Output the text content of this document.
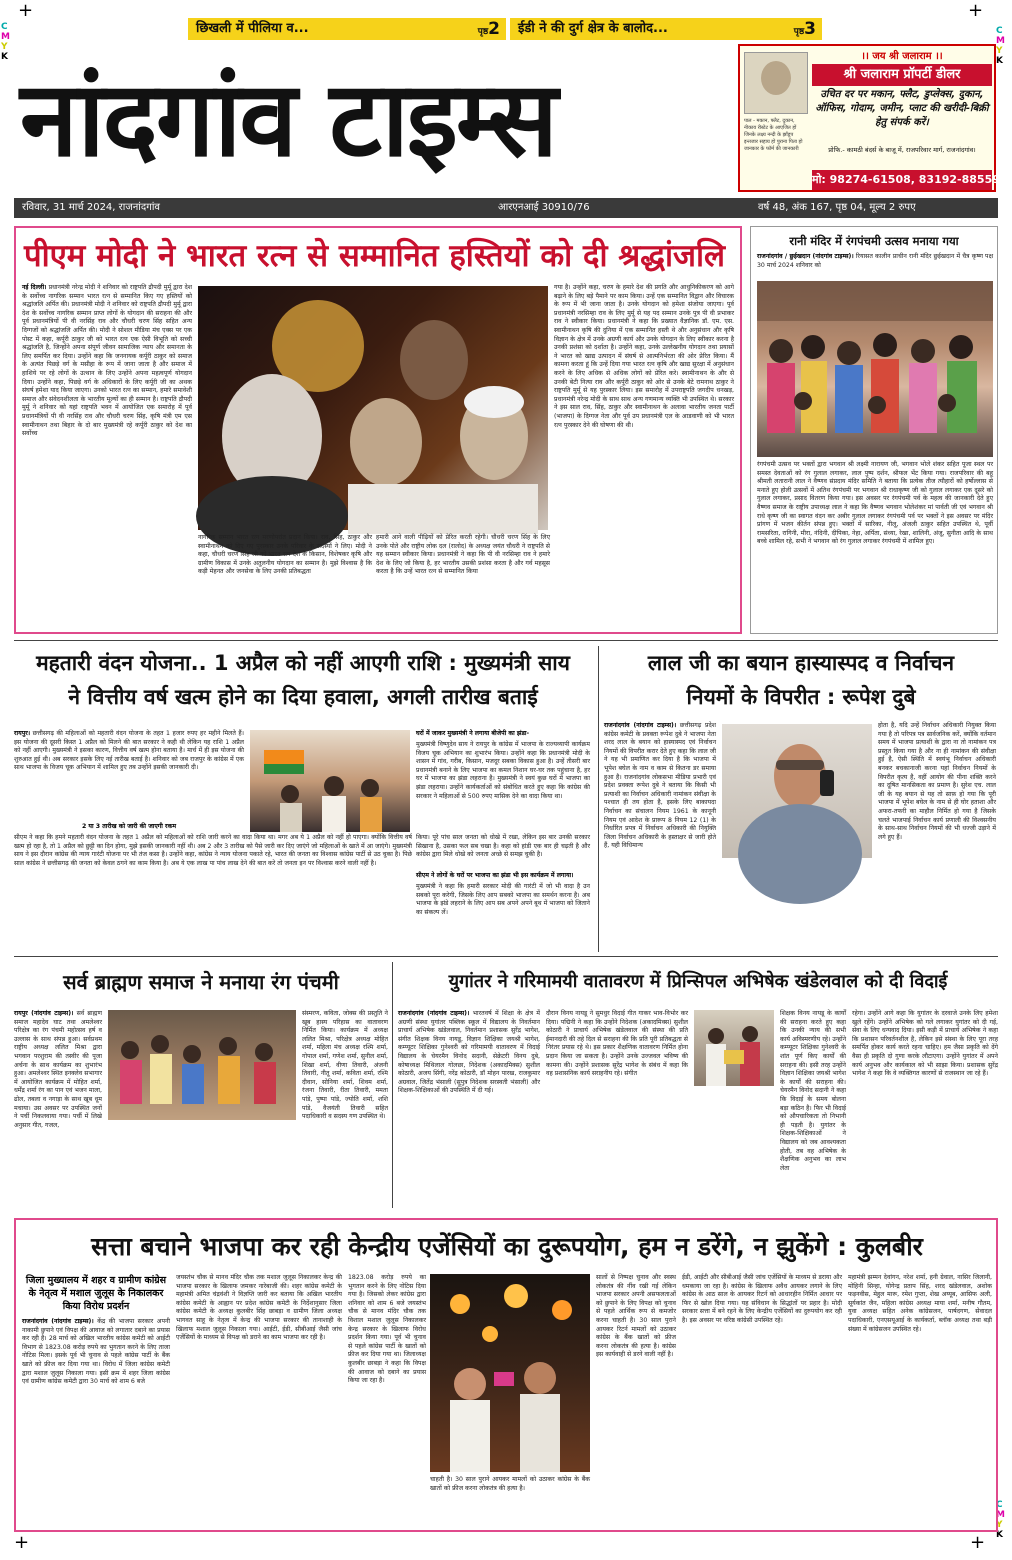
+	+
+	+
C
M
Y
K
C
M
Y
K
C
M
Y
K
छिखली में पीलिया व...	पृष्ठ2	ईडी ने की दुर्ग क्षेत्र के बालोद...	पृष्ठ3
नांदगांव टाइम्स	पाल - मकान, फ्लैट, दुकान, नीकाय रीस्टेट के आएजित हों जिनके लक्ष्य नन्दी के झाँडूप इन्तजार सहाय हो पुराना पिता हो जानकार के फॉर्म की जानकारी
।। जय श्री जलाराम ।।
श्री जलाराम प्रॉपर्टी डीलर
उचित दर पर मकान, फ्लैट, डुप्लेक्स, दुकान, ऑफिस, गोदाम, जमीन, प्लाट की खरीदी-बिक्री हेतु संपर्क करें।
प्रोफि.- कामठी बंदर्स के बाजू में, राजपरिवार मार्ग, राजनांदगांव।
मो: 98274-61508, 83192-88559
रविवार, 31 मार्च 2024, राजनांदगांव	आरएनआई 30910/76	वर्ष 48, अंक 167, पृष्ठ 04, मूल्य 2 रुपए
पीएम मोदी ने भारत रत्न से सम्मानित हस्तियों को दी श्रद्धांजलि
नई दिल्ली। प्रधानमंत्री नरेन्द्र मोदी ने शनिवार को राष्ट्रपति द्रौपदी मुर्मू द्वारा देश के सर्वोच्च नागरिक सम्मान भारत रत्न से सम्मानित किए गए हस्तियों को श्रद्धांजलि अर्पित की। प्रधानमंत्री मोदी ने शनिवार को राष्ट्रपति द्रौपदी मुर्मू द्वारा देश के सर्वोच्च नागरिक सम्मान प्राप्त लोगों के योगदान की सराहना की और पूर्व प्रधानमंत्रियों पी वी नरसिंह राव और चौधरी चरण सिंह सहित अन्य दिग्गजों को श्रद्धांजलि अर्पित की। मोदी ने सोशल मीडिया मंच एक्स पर एक पोस्ट में कहा, कर्पूरी ठाकुर जी को भारत रत्न एक ऐसी विभूति को सच्ची श्रद्धांजलि है, जिन्होंने अपना संपूर्ण जीवन सामाजिक न्याय और समानता के लिए समर्पित कर दिया। उन्होंने कहा कि जननायक कर्पूरी ठाकुर को समाज के अत्यंत पिछड़े वर्ग के मसीहा के रूप में जाना जाता है और समाज में हाशिये पर रहे लोगों के उत्थान के लिए उन्होंने अपना महत्वपूर्ण योगदान दिया। उन्होंने कहा, पिछड़े वर्ग के अधिकारों के लिए कर्पूरी जी का अथक संघर्ष हमेशा याद किया जाएगा। उनको भारत रत्न का सम्मान, हमारे समावेशी समाज और संवेदनशीलता के भारतीय मूल्यों का ही सम्मान है। राष्ट्रपति द्रौपदी मुर्मू ने शनिवार को यहां राष्ट्रपति भवन में आयोजित एक समारोह में पूर्व प्रधानमंत्रियों पी वी नरसिंह राव और चौधरी चरण सिंह, कृषि मंत्री एम एस स्वामीनाथन तथा बिहार के दो बार मुख्यमंत्री रहे कर्पूरी ठाकुर को देश का सर्वोच्च
गया है। उन्होंने कहा, चरण के हमारे देश की प्रगति और आधुनिकीकरण को आगे बढ़ाने के लिए बड़े पैमाने पर काम किया। उन्हें एक सम्मानित विद्वान और विचारक के रूप में भी जाना जाता है। उनके योगदान को हमेशा संजोया जाएगा। पूर्व प्रधानमंत्री नरसिम्हा राव के लिए मुर्मू से यह पद सम्मान उनके पुत्र पी वी प्रभाकर राव ने स्वीकार किया। प्रधानमंत्री ने कहा कि प्रख्यात वैज्ञानिक डॉ. एम. एस. स्वामीनाथन कृषि की दुनिया में एक सम्मानित हस्ती थे और अनुसंधान और कृषि विज्ञान के क्षेत्र में उनके अग्रणी कार्य और उनके योगदान के लिए स्वीकार करना है उनकी प्रशंसा को दर्शाता है। उन्होंने कहा, उनके उल्लेखनीय योगदान तथा प्रयासों ने भारत को खाद्य उत्पादन में संघर्ष से आत्मनिर्भरता की ओर प्रेरित किया। मैं कामना करता हूं कि उन्हें दिया गया भारत रत्न कृषि और खाद्य सुरक्षा में अनुसंधान करने के लिए अधिक से अधिक लोगों को प्रेरित करे। स्वामीनाथन के और से उनकी बेटी नित्या राव और कर्पूरी ठाकुर को ओर से उनके बेटे रामनाथ ठाकुर ने राष्ट्रपति मुर्मू से यह पुरस्कार लिया। इस समारोह में उपराष्ट्रपति जगदीप धनखड़, प्रधानमंत्री नरेन्द्र मोदी के साथ साथ अन्य गणमान्य व्यक्ति भी उपस्थित थे। सरकार ने इस साल राव, सिंह, ठाकुर और स्वामीनाथन के अलावा भारतीय जनता पार्टी (भाजपा) के दिग्गज नेता और पूर्व उप प्रधानमंत्री एल के आडवाणी को भी भारत रत्न पुरस्कार देने की घोषणा की थी।
नागरिक सम्मान भारत रत्न मरणोपरांत प्रदान किया। राव, सिंह, ठाकुर और स्वामीनाथन को दिए गए पुरस्कार उनके परिवार के सदस्यों ने लिए। मोदी ने कहा, चौधरी चरण सिंह जी को भारत रत्न देश के किसान, विशेषकर कृषि और ग्रामीण विकास में उनके अतुलनीय योगदान का सम्मान है। मुझे विश्वास है कि कड़ी मेहनत और जनसेवा के लिए उनकी प्रतिबद्धता
हमारी आने वाली पीढ़ियों को प्रेरित करती रहेगी। चौधरी चरण सिंह के लिए उनके पोते और राष्ट्रीय लोक दल (रालोद) के अध्यक्ष जयंत चौधरी ने राष्ट्रपति से यह सम्मान स्वीकार किया। प्रधानमंत्री ने कहा कि पी वी नरसिम्हा राव ने हमारे देश के लिए जो किया है, हर भारतीय उसकी प्रशंसा करता है और गर्व महसूस करता है कि उन्हें भारत रत्न से सम्मानित किया
रानी मंदिर में रंगपंचमी उत्सव मनाया गया
राजनांदगांव / छुईखदान (नांदगांव टाइम्स)। रियासत कालीन प्राचीन रानी मंदिर छुईखदान में चैत्र कृष्ण पक्ष 30 मार्च 2024 शनिवार को
रंगपंचमी उत्सव पर भक्तों द्वारा भगवान श्री लक्ष्मी नारायण जी, भगवान भोले शंकर सहित पूजा स्थल पर समस्त देवताओं को रंग गुलाल लगाकर, लाल पुष्प दर्शन, श्रीफल भेंट किया गया। राजपरिवार की बहू श्रीमती लतारानी लाल ने वैष्णव संप्रदाय मंदिर समिति ने बताया कि प्रत्येक तीज त्यौहारों को हर्षोल्लास से मनाते हुए होली उत्सवों में अतिथ रंगपंचमी पर भगवान श्री राधाकृष्ण जी को गुलाल लगाकर एक दूसरे को गुलाल लगाकर, प्रसाद वितरण किया गया। इस अवसर पर रंगपंचमी पर्व के महत्व की जानकारी देते हुए वैष्णव समाज के राष्ट्रीय उपाध्यक्ष लाल ने कहा कि वैष्णव भगवान भोलेशंकर मां पार्वती जी एवं भगवान श्री राधे कृष्ण जी का स्वागत वंदन कर अबीर गुलाल लगाकर रंगपंचमी पर्व पर भक्तों ने इस अवसर पर मंदिर प्रांगण में भजन कीर्तन संपन्न हुए। भक्तों में सारिका, नीलू, अंजली ठाकुर सहित उपस्थित थे, पूर्वी रामसरिता, रागिनी, मीरा, नंदिनी, दीपिका, नेहा, अर्पिता, संध्या, रेखा, शालिनी, अंजू, सुनीता आदि के साथ बच्चे शामिल रहे, सभी ने भगवान को रंग गुलाल लगाकर रंगपंचमी में शामिल हुए।
महतारी वंदन योजना.. 1 अप्रैल को नहीं आएगी राशि : मुख्यमंत्री साय
ने वित्तीय वर्ष खत्म होने का दिया हवाला, अगली तारीख बताई
रायपुर। छत्तीसगढ़ की महिलाओं को महतारी वंदन योजना के तहत 1 हजार रुपए हर महीने मिलते हैं। इस योजना की दूसरी किस्त 1 अप्रैल को मिलने की बात सरकार ने कही थी लेकिन यह राशि 1 अप्रैल को नहीं आएगी। मुख्यमंत्री ने इसका कारण, वित्तीय वर्ष खत्म होना बताया है। मार्च में ही इस योजना की शुरुआत हुई थी। अब सरकार इसके लिए नई तारीख बताई है। शनिवार को जब राजपुर के कांग्रेस में एक साथ भाजपा के विजय चूक अभियान में शामिल हुए तब उन्होंने इसकी जानकारी दी।
2 या 3 तारीख को जारी की जाएगी रकम
सीएम ने कहा कि हमने महतारी वंदन योजना के तहत 1 अप्रैल को महिलाओं को राशि जारी करने का वादा किया था। मगर अब ये 1 अप्रैल को नहीं हो पाएगा। क्योंकि वित्तीय वर्ष खत्म हो रहा है, तो 1 अप्रैल को छुट्टी का दिन होगा, मुझे इसकी जानकारी नहीं थी। अब 2 और 3 तारीख को पैसे जारी कर दिए जाएंगे जो महिलाओं के खाते में आ जाएंगे। मुख्यमंत्री साय ने इस दौरान कांग्रेस की न्याय गारंटी योजना पर भी तंज कसा है। उन्होंने कहा, कांग्रेस ने न्याय योजना पकाते रहे, भारत की जनता का विश्वास कांग्रेस पार्टी से उठ चुका है। पिछे साल कांग्रेस ने छत्तीसगढ़ की जनता को केवल ठगने का काम किया है। अब ये एक लाख पा पांच लाख देने की बात करे तो जनता इन पर विश्वास करने वाली नहीं है।
घरों में जाकर मुख्यमंत्री ने लगाया बीजेपी का झंडा-
मुख्यमंत्री विष्णुदेव साय ने रायपुर के कांग्रेस में भाजपा के राज्यव्यापी कार्यक्रम विजय चूक अभियान का शुभारंभ किया। उन्होंने कहा कि प्रधानमंत्री मोदी के शासन में गांव, गरीब, किसान, मजदूर सबका विकास हुआ है। उन्हें तीसरी बार प्रधानमंत्री बनाने के लिए भाजपा का कमल निशान घर-घर तक पहुंचाना है, हर घर में भाजपा का झंडा लहराना है। मुख्यमंत्री ने स्वयं कुछ घरों में भाजपा का झंडा लहराया। उन्होंने कार्यकर्ताओं को संबोधित करते हुए कहा कि कांग्रेस की सरकार ने महिलाओं से 500 रुपए मासिक देने का वादा किया था।
किया। पूरे पांच साल जनता को धोखे में रखा, लेकिन इस बार उनकी सरकार सिखाना है, उसका फल सब चखा है। कहा को हांडी एक बार ही चढ़ती है और कांग्रेस द्वारा मिले धोखे को जनता अच्छे से समझ चुकी है।
सीएम ने लोगों के घरों पर भाजपा का झंडा भी इस कार्यक्रम में लगाया।
मुख्यमंत्री ने कहा कि हमारी सरकार मोदी की गारंटी में जो भी वादा है उन सबको पूरा करेगी, जिसके लिए आप सबको भाजपा का समर्थन करना है। अब भाजपा के झंडे लहराने के लिए आप सब अपने अपने बूथ में भाजपा को जिताने का संकल्प लें।
लाल जी का बयान हास्यास्पद व निर्वाचन
नियमों के विपरीत : रूपेश दुबे
राजनांदगांव (नांदगांव टाइम्स)। छत्तीसगढ़ प्रदेश कांग्रेस कमेटी के प्रवक्ता रूपेश दुबे ने भाजपा नेता शरद लाल के बयान को हास्यास्पद एवं निर्वाचन नियमों की विपरीत करार देते हुए कहा कि लाल जी ने यह भी प्रमाणित कर दिया है कि भाजपा में भूपेश बघेल के नाम व काम से कितना डर समाया हुआ है। राजनांदगांव लोकसभा मीडिया प्रभारी एवं प्रदेश प्रवक्ता रूपेश दुबे ने बताया कि किसी भी प्रत्याशी का निर्वाचन अधिकारी नामांकन संवीक्षा के पश्चात ही तय होता है, इसके लिए बाकायदा निर्वाचन का संचालन नियम 1961 के कानूनी नियम एवं आदेश के प्रारूप 8 नियम 12 (1) के निर्धारित प्रपत्र में निर्वाचन अधिकारी की नियुक्ति जिला निर्वाचन अधिकारी के हस्ताक्षर से जारी होते हैं, यही विधिमान्य
होता है, यदि उन्हें निर्वाचन अधिकारी नियुक्त किया गया है तो परिपत्र पत्र सार्वजनिक करें, क्योंकि वर्तमान समय में भाजपा प्रत्याशी के द्वारा ना तो नामांकन पत्र प्रस्तुत किया गया है और ना ही नामांकन की संवीक्षा हुई है, ऐसी स्थिति में स्वयंभू निर्वाचन अधिकारी बनकर बचकानाजी करना यहां निर्वाचन नियमों के विपरीत कृत्य है, वहीं आयोग की पीना शक्ति करने का दूषित मानसिकता का प्रमाण है। सुरेश एच. लाल जी के यह बयान से यह तो साफ़ हो गया कि पूरी भाजपा में भूपेश बघेल के नाम से ही घोर हताशा और अफरा-तफरी का माहौल निर्मित हो गया है जिसके चलते भाजपाई निर्वाचन कार्य प्रणाली की विश्वसनीय के साथ-साथ निर्वाचन नियमों की भी धज्जी उड़ाने में लगे हुए हैं।
सर्व ब्राह्मण समाज ने मनाया रंग पंचमी
रायपुर (नांदगांव टाइम्स)। सर्व ब्राह्मण समाज महादेव घाट तथा अमलेश्वर परिक्षेत्र का रंग पंचमी महोत्सव हर्ष व उल्लास के साथ संपन्न हुआ। सर्वप्रथम राष्ट्रीय अध्यक्ष ललित मिश्रा द्वारा भगवान परशुराम की तस्वीर की पूजा अर्चना के साथ कार्यक्रम का शुभारंभ हुआ। अमलेश्वर स्थित इनक्लेव सभागार में आयोजित कार्यक्रम में मोहित शर्मा, धर्मेंद्र शर्मा रंग का पान एवं भजन माला, ढोल, तबला व नगाड़ा के साथ खूब धूम मचाया। उस अवसर पर उपस्थित जनों ने पर्ची निकलवाया गया। पर्ची में लिखे अनुसार गीत, गजल,
संस्मरण, कविता, जोक्स की प्रस्तुति ने खूब हास्य परिहास का वातावरण निर्मित किया। कार्यक्रम में अध्यक्ष ललित मिश्रा, परिक्षेत्र अध्यक्ष मोहित शर्मा, महिला मंच अध्यक्ष रश्मि शर्मा, गोपाल शर्मा, गणेश शर्मा, सुनील शर्मा, शिखा शर्मा, वीणा तिवारी, अंजनी तिवारी, नीतू शर्मा, कविता शर्मा, रश्मि दीवान, सोनिया शर्मा, शिवम शर्मा, रंजना तिवारी, रीता तिवारी, ममता पांडे, पुष्पा पांडे, ज्योति शर्मा, शशि पांडे, वैजयंती तिवारी सहित पदाधिकारी व सदस्य गण उपस्थित थे।
युगांतर ने गरिमामयी वातावरण में प्रिन्सिपल अभिषेक खंडेलवाल को दी विदाई
राजनांदगांव (नांदगांव टाइम्स)। भारतवर्ष में शिक्षा के क्षेत्र में अग्रणी संस्था युगांतर पब्लिक स्कूल में विद्यालय के निवर्तमान प्राचार्य अभिषेक खंडेलवाल, निवर्तमान प्रशासक सुरेंद्र भागेश, संगीत शिक्षक विनय नायडू, विज्ञान शिक्षिका जयश्री भागेश, कम्प्यूटर शिक्षिका गुनेश्वरी को गरिमामयी वातावरण में विदाई विद्यालय के चेयरमैन विनोद सदानी, सेक्रेटरी विनय दुबे, कोषाध्यक्ष मिथिलाल गोलछा, निदेशक (अकादमिक्स) सुशील कोठारी, अजय सिंगी, नरेंद्र कोठारी, डॉ मोहन पारख, राजकुमार अग्रवाल, जितेंद्र भंसाली (सुपुत्र निदेशक सरस्वती भंसाली) और शिक्षक-शिक्षिकाओं की उपस्थिति में दी गई।
दौरान विनय नायडू ने सुमधुर विदाई गीत गाकर भाव-विभोर कर दिया। पद्मिनी ने कहा कि उन्होंने निदेशक (अकादमिक्स) सुशील कोठारी ने प्राचार्य अभिषेक खंडेलवाल की संस्था की प्रति ईमानदारी की तहे दिल से सराहना की कि प्रति पूरी प्रतिबद्धता से निरंतर प्रयास रहे थे। इस प्रकार शैक्षणिक वातावरण निर्मित होना प्रदान किया जा सकता है। उन्होंने उनके उज्जवल भविष्य की कामना की। उन्होंने प्रशासक सुरेंद्र भागेश के संबंध में कहा कि वह प्रशासनिक कार्य सराहनीय रहे। संगीत
शिक्षक विनय नायडू के कार्यों की सराहना करते हुए कहा कि उनकी न्याय की सभी कार्य अविस्मरणीय रहे। उन्होंने कम्प्यूटर शिक्षिका गुनेश्वरी के शांत पूर्ण किए कार्यों की सराहना की। इसी तरह उन्होंने विज्ञान शिक्षिका जयश्री भागेश के कार्यों की सराहना की। चेयरमैन विनोद सदानी ने कहा कि विदाई के समय बोलना बड़ा कठिन है। फिर भी विदाई को औपचारिकता तो निभानी ही पड़ती है। युगांतर के शिक्षक-शिक्षिकाओं ने विद्यालय को जब आवश्यकता होती, तब वह अभिषेक के शैक्षणिक अनुभव का लाभ लेता
रहेगा। उन्होंने आगे कहा कि युगांतर के दरवाजे उनके लिए हमेशा खुले रहेंगे। उन्होंने अभिषेक को गले लगाकर युगांतर को दी गई, सेवा के लिए धन्यवाद दिया। इसी कड़ी में प्राचार्य अभिषेक ने कहा कि प्रशासन परिवर्तनशील है, लेकिन इसे संस्था के लिए पूरा तरह समर्पित होकर कार्य करते रहना चाहिए। हम जैसा प्रकृति को देंगे वैसा ही प्रकृति दो गुणा करके लौटाएगा। उन्होंने युगांतर में अपने कार्य अनुभव और कार्यकाल को भी साझा किया। प्रशासक सुरेंद्र भागेश ने कहा कि वे व्यक्तिगत कारणों से राजस्थान जा रहे हैं।
सत्ता बचाने भाजपा कर रही केन्द्रीय एजेंसियों का दुरूपयोग, हम न डरेंगे, न झुकेंगे : कुलबीर
जिला मुख्यालय में शहर व ग्रामीण कांग्रेस के नेतृत्व में मशाल जुलूस के निकालकर किया विरोध प्रदर्शन
राजनांदगांव (नांदगांव टाइम्स)। केंद्र की भाजपा सरकार अपनी नाकामी छुपाने एवं विपक्ष की आवाज को लगातार दबाने का प्रयास कर रही है। 28 मार्च को अखिल भारतीय कांग्रेस कमेटी को आईटी विभाग से 1823.08 करोड़ रुपये का भुगतान करने के लिए ताजा नोटिस मिला। इसके पूर्व भी चुनाव से पहले कांग्रेस पार्टी के बैंक खाते को फ्रीज कर दिया गया था। विरोध में जिला कांग्रेस कमेटी द्वारा मशाल जुलूस निकाला गया। इसी क्रम में शहर जिला कांग्रेस एवं ग्रामीण कांग्रेस कमेटी द्वारा 30 मार्च को शाम 6 बजे
जयस्तंभ चौक से मानव मंदिर चौक तक मशाल जुलूस निकालकर केन्द्र की भाजपा सरकार के खिलाफ जमकर नारेबाजी की। शहर कांग्रेस कमेटी के महामंत्री अमित चंद्रवंशी ने विज्ञप्ति जारी कर बताया कि अखिल भारतीय कांग्रेस कमेटी के आह्वान पर प्रदेश कांग्रेस कमेटी के निर्देशानुसार जिला कांग्रेस कमेटी के अध्यक्ष कुलबीर सिंह छाबड़ा व ग्रामीण जिला अध्यक्ष भागवत साहू के नेतृत्व में केन्द्र की भाजपा सरकार की तानाशाही के खिलाफ मशाल जुलूस निकाला गया। आईटी, ईडी, सीबीआई जैसी जांच एजेंसियों के माध्यम से विपक्ष को डराने का काम भाजपा कर रही है।
1823.08 करोड़ रुपये का भुगतान करने के लिए नोटिस दिया गया है। जिसको लेकर कांग्रेस द्वारा शनिवार को शाम 6 बजे जयस्तंभ चौक से मानव मंदिर चौक तक विशाल मशाल जुलूस निकालकर केन्द्र सरकार के खिलाफ विरोध प्रदर्शन किया गया। पूर्व भी चुनाव से पहले कांग्रेस पार्टी के खातों को फ्रीज कर दिया गया था। जिलाध्यक्ष कुलबीर छाबड़ा ने कहा कि विपक्ष की आवाज को दबाने का प्रयास किया जा रहा है।
चाहती है। 30 साल पुराने आयकर मामलों को उठाकर कांग्रेस के बैंक खातों को फ्रीज करना लोकतंत्र की हत्या है।
सालों से निष्पक्ष चुनाव और स्वस्थ लोकतंत्र की नींव रखी गई लेकिन भाजपा सरकार अपनी असफलताओं को छुपाने के लिए विपक्ष को चुनाव से पहले आर्थिक रूप से कमजोर करना चाहती है। 30 साल पुराने आयकर रिटर्न मामलों को उठाकर कांग्रेस के बैंक खातों को फ्रीज करना लोकतंत्र की हत्या है। कांग्रेस इस कार्यवाही से डरने वाली नहीं है।
ईडी, आईटी और सीबीआई जैसी जांच एजेंसियों के माध्यम से डराया और धमकाया जा रहा है। कांग्रेस के खिलाफ अवैध आयकर लगाने के लिए कांग्रेस के आठ साल के आयकर रिटर्न को आधारहीन निर्मित आधार पर फिर से खोल दिया गया। यह संविधान के सिद्धांतों पर प्रहार है। मोदी सरकार सत्ता में बने रहने के लिए केन्द्रीय एजेंसियों का दुरुपयोग कर रही है। इस अवसर पर वरिष्ठ कांग्रेसी उपस्थित रहे।
महामंत्री झम्मन देवांगन, नरेश शर्मा, हनी ग्रेवाल, नासिर जिलानी, मोहिनी सिन्हा, योगेन्द्र प्रताप सिंह, शरद खंडेलवाल, अशोक फड़नवीस, मेहुल मारू, रमेश गुप्ता, शेख अय्यूब, आसिफ अली, सूर्यकांत जैन, महिला कांग्रेस अध्यक्ष माया शर्मा, मनीष गौतम, युवा अध्यक्ष सहित अनेक कांग्रेसजन, पार्षदगण, सेवादल पदाधिकारी, एनएसयूआई के कार्यकर्ता, ब्लॉक अध्यक्ष तथा बड़ी संख्या में कांग्रेसजन उपस्थित रहे।
